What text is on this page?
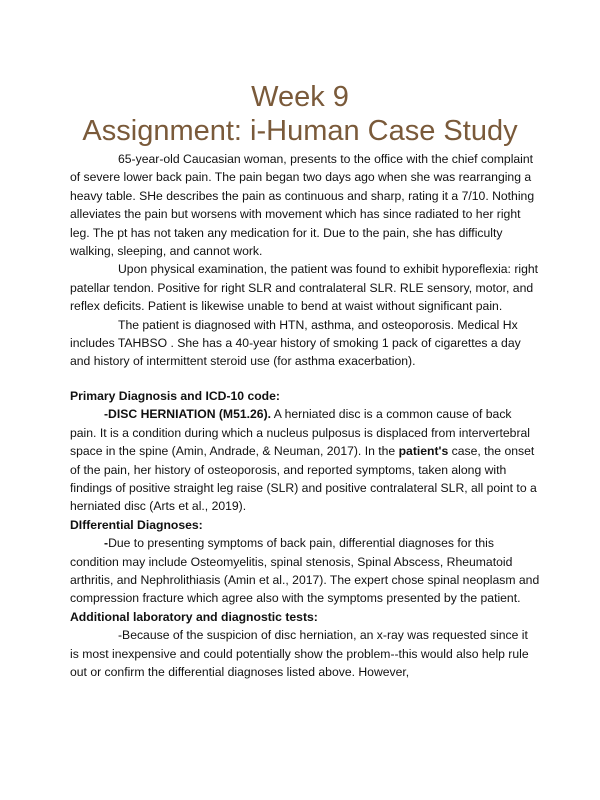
Week 9
Assignment: i-Human Case Study

65-year-old Caucasian woman, presents to the office with the chief complaint of severe lower back pain. The pain began two days ago when she was rearranging a heavy table. SHe describes the pain as continuous and sharp, rating it a 7/10. Nothing alleviates the pain but worsens with movement which has since radiated to her right leg. The pt has not taken any medication for it. Due to the pain, she has difficulty walking, sleeping, and cannot work.

Upon physical examination, the patient was found to exhibit hyporeflexia: right patellar tendon. Positive for right SLR and contralateral SLR. RLE sensory, motor, and reflex deficits. Patient is likewise unable to bend at waist without significant pain.

The patient is diagnosed with HTN, asthma, and osteoporosis. Medical Hx includes TAHBSO . She has a 40-year history of smoking 1 pack of cigarettes a day and history of intermittent steroid use (for asthma exacerbation).

Primary Diagnosis and ICD-10 code:

-DISC HERNIATION (M51.26). A herniated disc is a common cause of back pain. It is a condition during which a nucleus pulposus is displaced from intervertebral space in the spine (Amin, Andrade, & Neuman, 2017). In the patient's case, the onset of the pain, her history of osteoporosis, and reported symptoms, taken along with findings of positive straight leg raise (SLR) and positive contralateral SLR, all point to a herniated disc (Arts et al., 2019).

DIfferential Diagnoses:

-Due to presenting symptoms of back pain, differential diagnoses for this condition may include Osteomyelitis, spinal stenosis, Spinal Abscess, Rheumatoid arthritis, and Nephrolithiasis (Amin et al., 2017). The expert chose spinal neoplasm and compression fracture which agree also with the symptoms presented by the patient.

Additional laboratory and diagnostic tests:

-Because of the suspicion of disc herniation, an x-ray was requested since it is most inexpensive and could potentially show the problem--this would also help rule out or confirm the differential diagnoses listed above. However,
